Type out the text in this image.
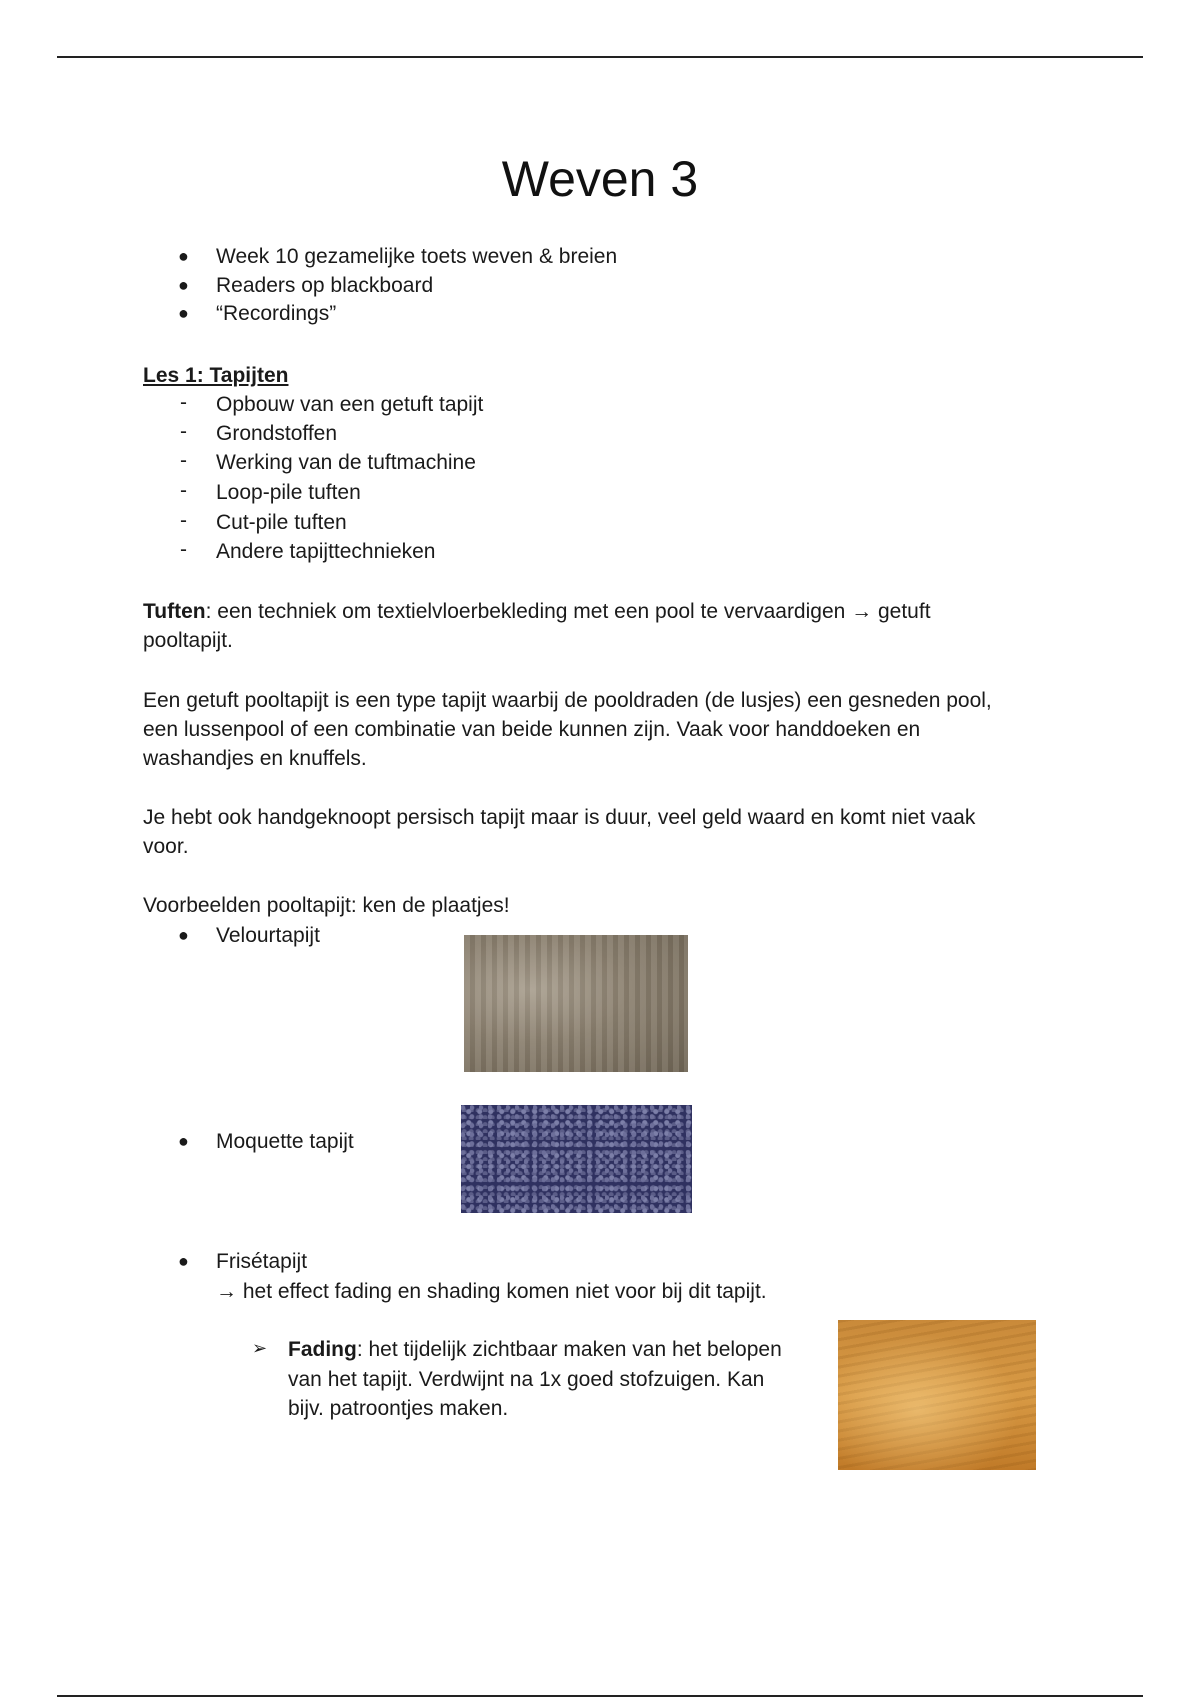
Weven 3
● Week 10 gezamelijke toets weven & breien
● Readers op blackboard
● “Recordings”
Les 1: Tapijten
- Opbouw van een getuft tapijt
- Grondstoffen
- Werking van de tuftmachine
- Loop-pile tuften
- Cut-pile tuften
- Andere tapijttechnieken
Tuften: een techniek om textielvloerbekleding met een pool te vervaardigen → getuft
pooltapijt.
Een getuft pooltapijt is een type tapijt waarbij de pooldraden (de lusjes) een gesneden pool,
een lussenpool of een combinatie van beide kunnen zijn. Vaak voor handdoeken en
washandjes en knuffels.
Je hebt ook handgeknoopt persisch tapijt maar is duur, veel geld waard en komt niet vaak
voor.
Voorbeelden pooltapijt: ken de plaatjes!
● Velourtapijt
● Moquette tapijt
● Frisétapijt
→ het effect fading en shading komen niet voor bij dit tapijt.
➢ Fading: het tijdelijk zichtbaar maken van het belopen
van het tapijt. Verdwijnt na 1x goed stofzuigen. Kan
bijv. patroontjes maken.
